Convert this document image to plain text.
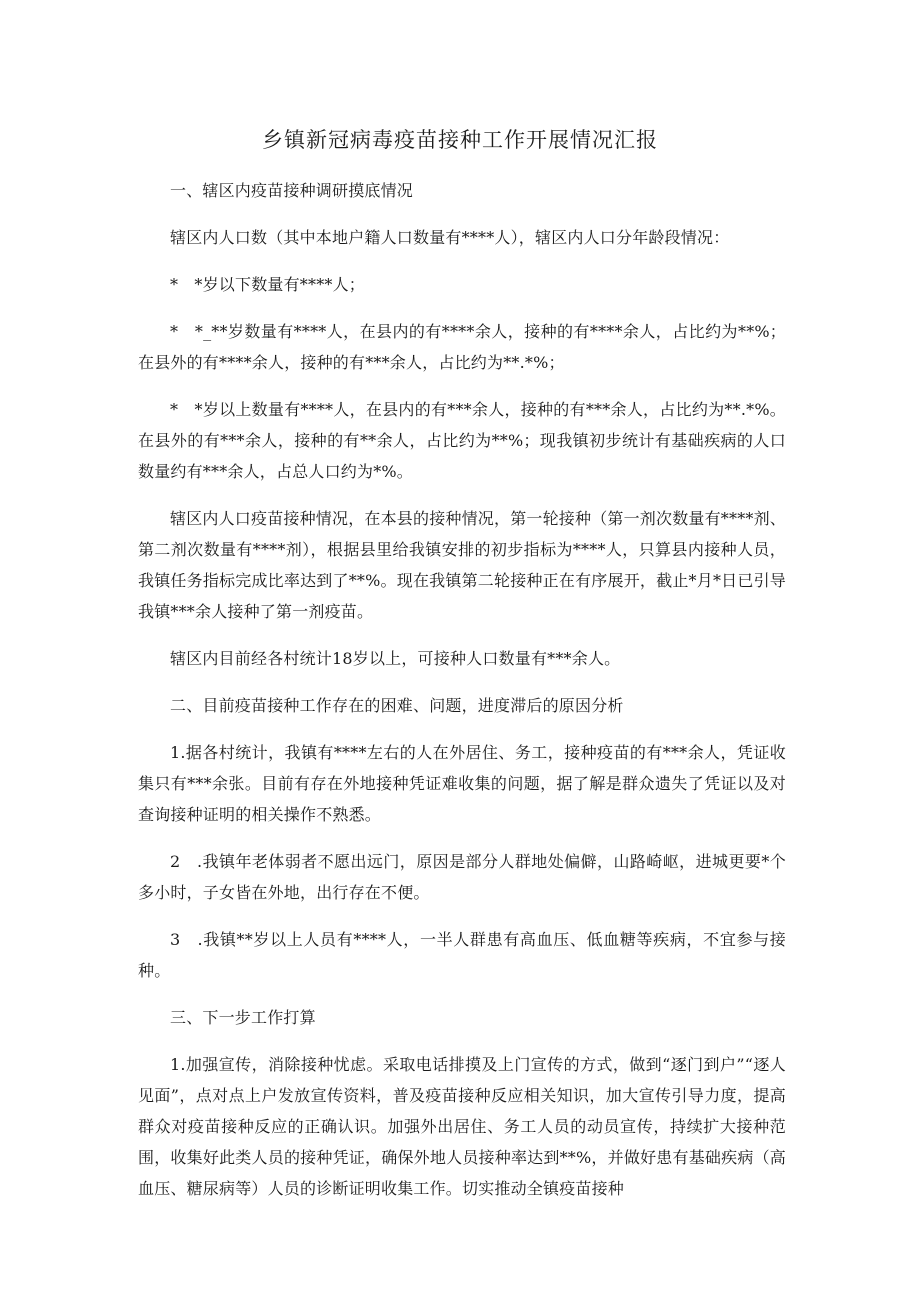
乡镇新冠病毒疫苗接种工作开展情况汇报

一、辖区内疫苗接种调研摸底情况

辖区内人口数（其中本地户籍人口数量有****人），辖区内人口分年龄段情况：

*　*岁以下数量有****人；

*　*_**岁数量有****人，在县内的有****余人，接种的有****余人，占比约为**%；在县外的有****余人，接种的有***余人，占比约为**.*%；

*　*岁以上数量有****人，在县内的有***余人，接种的有***余人，占比约为**.*%。在县外的有***余人，接种的有**余人，占比约为**%；现我镇初步统计有基础疾病的人口数量约有***余人，占总人口约为*%。

辖区内人口疫苗接种情况，在本县的接种情况，第一轮接种（第一剂次数量有****剂、第二剂次数量有****剂），根据县里给我镇安排的初步指标为****人，只算县内接种人员，我镇任务指标完成比率达到了**%。现在我镇第二轮接种正在有序展开，截止*月*日已引导我镇***余人接种了第一剂疫苗。

辖区内目前经各村统计18岁以上，可接种人口数量有***余人。

二、目前疫苗接种工作存在的困难、问题，进度滞后的原因分析

1.据各村统计，我镇有****左右的人在外居住、务工，接种疫苗的有***余人，凭证收集只有***余张。目前有存在外地接种凭证难收集的问题，据了解是群众遗失了凭证以及对查询接种证明的相关操作不熟悉。

2　.我镇年老体弱者不愿出远门，原因是部分人群地处偏僻，山路崎岖，进城更要*个多小时，子女皆在外地，出行存在不便。

3　.我镇**岁以上人员有****人，一半人群患有高血压、低血糖等疾病，不宜参与接种。

三、下一步工作打算

1.加强宣传，消除接种忧虑。采取电话排摸及上门宣传的方式，做到“逐门到户”“逐人见面”，点对点上户发放宣传资料，普及疫苗接种反应相关知识，加大宣传引导力度，提高群众对疫苗接种反应的正确认识。加强外出居住、务工人员的动员宣传，持续扩大接种范围，收集好此类人员的接种凭证，确保外地人员接种率达到**%，并做好患有基础疾病（高血压、糖尿病等）人员的诊断证明收集工作。切实推动全镇疫苗接种
